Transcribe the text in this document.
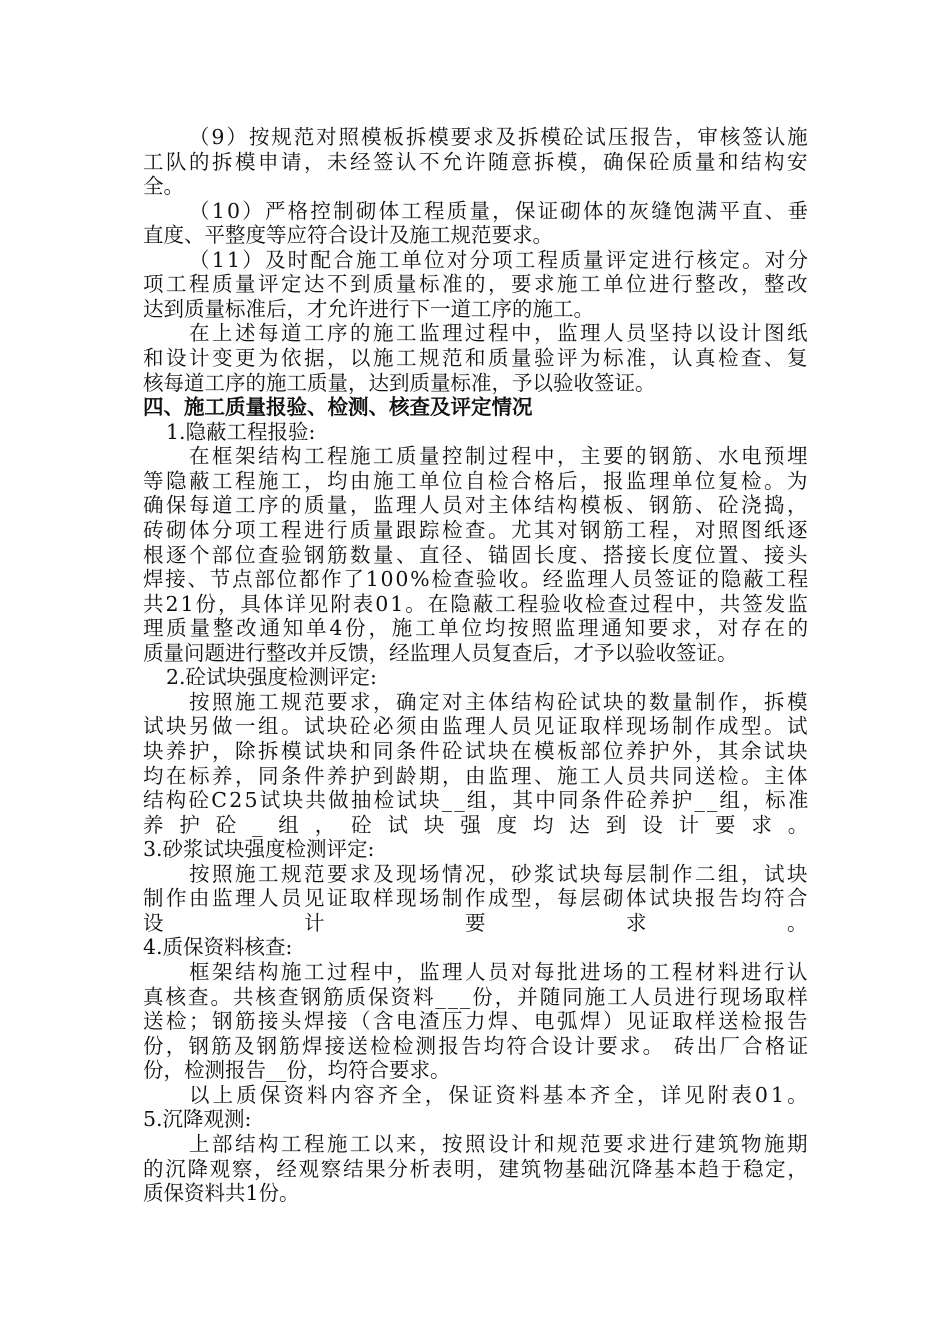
（9）按规范对照模板拆模要求及拆模砼试压报告，审核签认施
工队的拆模申请，未经签认不允许随意拆模，确保砼质量和结构安
全。
（10）严格控制砌体工程质量，保证砌体的灰缝饱满平直、垂
直度、平整度等应符合设计及施工规范要求。
（11）及时配合施工单位对分项工程质量评定进行核定。对分
项工程质量评定达不到质量标准的，要求施工单位进行整改，整改
达到质量标准后，才允许进行下一道工序的施工。
在上述每道工序的施工监理过程中，监理人员坚持以设计图纸
和设计变更为依据，以施工规范和质量验评为标准，认真检查、复
核每道工序的施工质量，达到质量标准，予以验收签证。
四、施工质量报验、检测、核查及评定情况
1.隐蔽工程报验:
在框架结构工程施工质量控制过程中，主要的钢筋、水电预埋
等隐蔽工程施工，均由施工单位自检合格后，报监理单位复检。为
确保每道工序的质量，监理人员对主体结构模板、钢筋、砼浇捣，
砖砌体分项工程进行质量跟踪检查。尤其对钢筋工程，对照图纸逐
根逐个部位查验钢筋数量、直径、锚固长度、搭接长度位置、接头
焊接、节点部位都作了100%检查验收。经监理人员签证的隐蔽工程
共21份，具体详见附表01。在隐蔽工程验收检查过程中，共签发监
理质量整改通知单4份，施工单位均按照监理通知要求，对存在的
质量问题进行整改并反馈，经监理人员复查后，才予以验收签证。
2.砼试块强度检测评定:
按照施工规范要求，确定对主体结构砼试块的数量制作，拆模
试块另做一组。试块砼必须由监理人员见证取样现场制作成型。试
块养护，除拆模试块和同条件砼试块在模板部位养护外，其余试块
均在标养，同条件养护到龄期，由监理、施工人员共同送检。主体
结构砼C25试块共做抽检试块__组，其中同条件砼养护__组，标准
养护砼_组，砼试块强度均达到设计要求。
3.砂浆试块强度检测评定:
按照施工规范要求及现场情况，砂浆试块每层制作二组，试块
制作由监理人员见证取样现场制作成型，每层砌体试块报告均符合
设计要求。
4.质保资料核查:
框架结构施工过程中，监理人员对每批进场的工程材料进行认
真核查。共核查钢筋质保资料___份，并随同施工人员进行现场取样
送检；钢筋接头焊接（含电渣压力焊、电弧焊）见证取样送检报告
份，钢筋及钢筋焊接送检检测报告均符合设计要求。 砖出厂合格证
份，检测报告__份，均符合要求。
以上质保资料内容齐全，保证资料基本齐全，详见附表01。
5.沉降观测:
上部结构工程施工以来，按照设计和规范要求进行建筑物施期
的沉降观察，经观察结果分析表明，建筑物基础沉降基本趋于稳定，
质保资料共1份。
